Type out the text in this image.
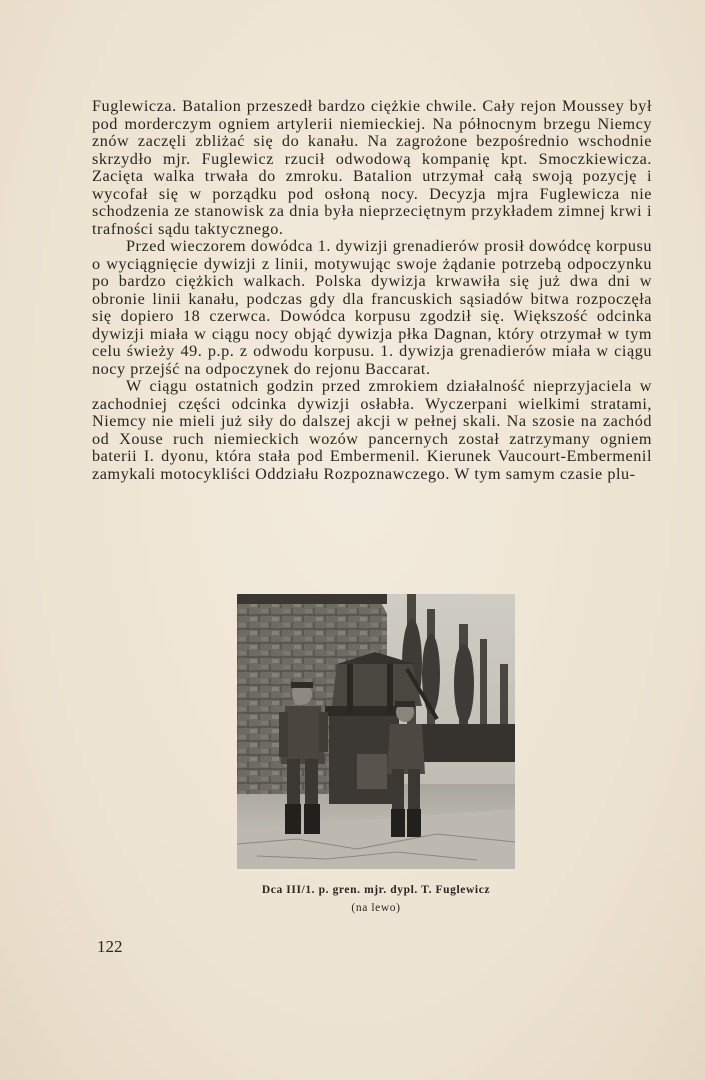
Fuglewicza. Batalion przeszedł bardzo ciężkie chwile. Cały rejon Moussey był pod morderczym ogniem artylerii niemieckiej. Na północnym brzegu Niemcy znów zaczęli zbliżać się do kanału. Na zagrożone bezpośrednio wschodnie skrzydło mjr. Fuglewicz rzucił odwodową kompanię kpt. Smoczkiewicza. Zacięta walka trwała do zmroku. Batalion utrzymał całą swoją pozycję i wycofał się w porządku pod osłoną nocy. Decyzja mjra Fuglewicza nie schodzenia ze stanowisk za dnia była nieprzeciętnym przykładem zimnej krwi i trafności sądu taktycznego.

Przed wieczorem dowódca 1. dywizji grenadierów prosił dowódcę korpusu o wyciągnięcie dywizji z linii, motywując swoje żądanie potrzebą odpoczynku po bardzo ciężkich walkach. Polska dywizja krwawiła się już dwa dni w obronie linii kanału, podczas gdy dla francuskich sąsiadów bitwa rozpoczęła się dopiero 18 czerwca. Dowódca korpusu zgodził się. Większość odcinka dywizji miała w ciągu nocy objąć dywizja płka Dagnan, który otrzymał w tym celu świeży 49. p.p. z odwodu korpusu. 1. dywizja grenadierów miała w ciągu nocy przejść na odpoczynek do rejonu Baccarat.

W ciągu ostatnich godzin przed zmrokiem działalność nieprzyjaciela w zachodniej części odcinka dywizji osłabła. Wyczerpani wielkimi stratami, Niemcy nie mieli już siły do dalszej akcji w pełnej skali. Na szosie na zachód od Xouse ruch niemieckich wozów pancernych został zatrzymany ogniem baterii I. dyonu, która stała pod Embermenil. Kierunek Vaucourt-Embermenil zamykali motocykliści Oddziału Rozpoznawczego. W tym samym czasie plu-

Dca III/1. p. gren. mjr. dypl. T. Fuglewicz
(na lewo)
122
